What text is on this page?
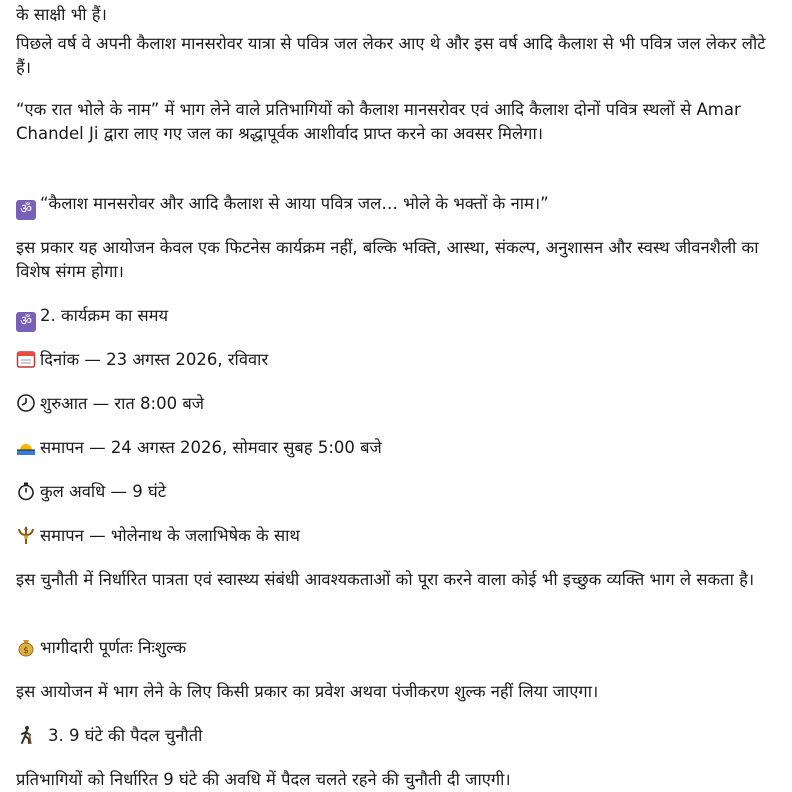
के साक्षी भी हैं।

पिछले वर्ष वे अपनी कैलाश मानसरोवर यात्रा से पवित्र जल लेकर आए थे और इस वर्ष आदि कैलाश से भी पवित्र जल लेकर लौटे हैं।

“एक रात भोले के नाम” में भाग लेने वाले प्रतिभागियों को कैलाश मानसरोवर एवं आदि कैलाश दोनों पवित्र स्थलों से Amar Chandel Ji द्वारा लाए गए जल का श्रद्धापूर्वक आशीर्वाद प्राप्त करने का अवसर मिलेगा।

ॐ “कैलाश मानसरोवर और आदि कैलाश से आया पवित्र जल… भोले के भक्तों के नाम।”

इस प्रकार यह आयोजन केवल एक फिटनेस कार्यक्रम नहीं, बल्कि भक्ति, आस्था, संकल्प, अनुशासन और स्वस्थ जीवनशैली का विशेष संगम होगा।

ॐ 2. कार्यक्रम का समय

दिनांक — 23 अगस्त 2026, रविवार

शुरुआत — रात 8:00 बजे

समापन — 24 अगस्त 2026, सोमवार सुबह 5:00 बजे

कुल अवधि — 9 घंटे

समापन — भोलेनाथ के जलाभिषेक के साथ

इस चुनौती में निर्धारित पात्रता एवं स्वास्थ्य संबंधी आवश्यकताओं को पूरा करने वाला कोई भी इच्छुक व्यक्ति भाग ले सकता है।

$ भागीदारी पूर्णतः निःशुल्क

इस आयोजन में भाग लेने के लिए किसी प्रकार का प्रवेश अथवा पंजीकरण शुल्क नहीं लिया जाएगा।

3. 9 घंटे की पैदल चुनौती

प्रतिभागियों को निर्धारित 9 घंटे की अवधि में पैदल चलते रहने की चुनौती दी जाएगी।
